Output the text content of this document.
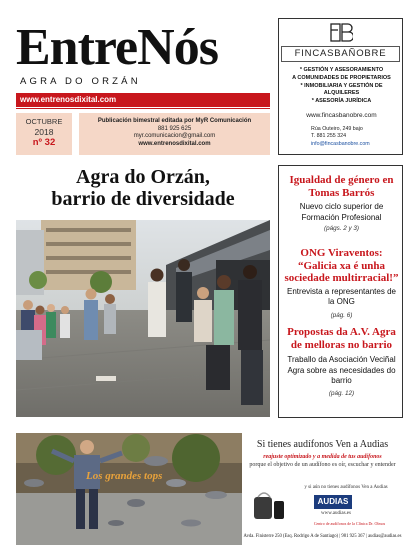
EntreNós
AGRA DO ORZÁN
www.entrenosdixital.com
OCTUBRE
2018
nº 32
Publicación bimestral editada por MyR Comunicación
881 925 625
myr.comunicacion@gmail.com
www.entrenosdixital.com
FINCASBAÑOBRE
* GESTIÓN Y ASESORAMIENTO
A COMUNIDADES DE PROPIETARIOS
* INMOBILIARIA Y GESTIÓN DE ALQUILERES
* ASESORÍA JURÍDICA
www.fincasbanobre.com
Rúa Outeiro, 249 bajo
T. 881 255 324
info@fincasbanobre.com
Agra do Orzán,
barrio de diversidade
Igualdad de género en Tomas Barrós
Nuevo ciclo superior de Formación Profesional
(págs. 2 y 3)
ONG Viraventos: “Galicia xa é unha sociedade multirracial!”
Entrevista a representantes de la ONG
(pág. 6)
Propostas da A.V. Agra de melloras no barrio
Traballo da Asociación Veciñal Agra sobre as necesidades do barrio
(pág. 12)
Los grandes tops
Si tienes audífonos Ven a Audias
reajuste optimizado y a medida de tus audífonos
porque el objetivo de un audífono es oír, escuchar y entender
y si aún no tienes audífonos Ven a Audias
AUDIAS
www.audias.es
Centro de audífonos de la Clínica Dr. Olmos
Avda. Finisterre 250 (Esq. Rodrigo A de Santiago) | 981 925 367 | audias@audias.es
